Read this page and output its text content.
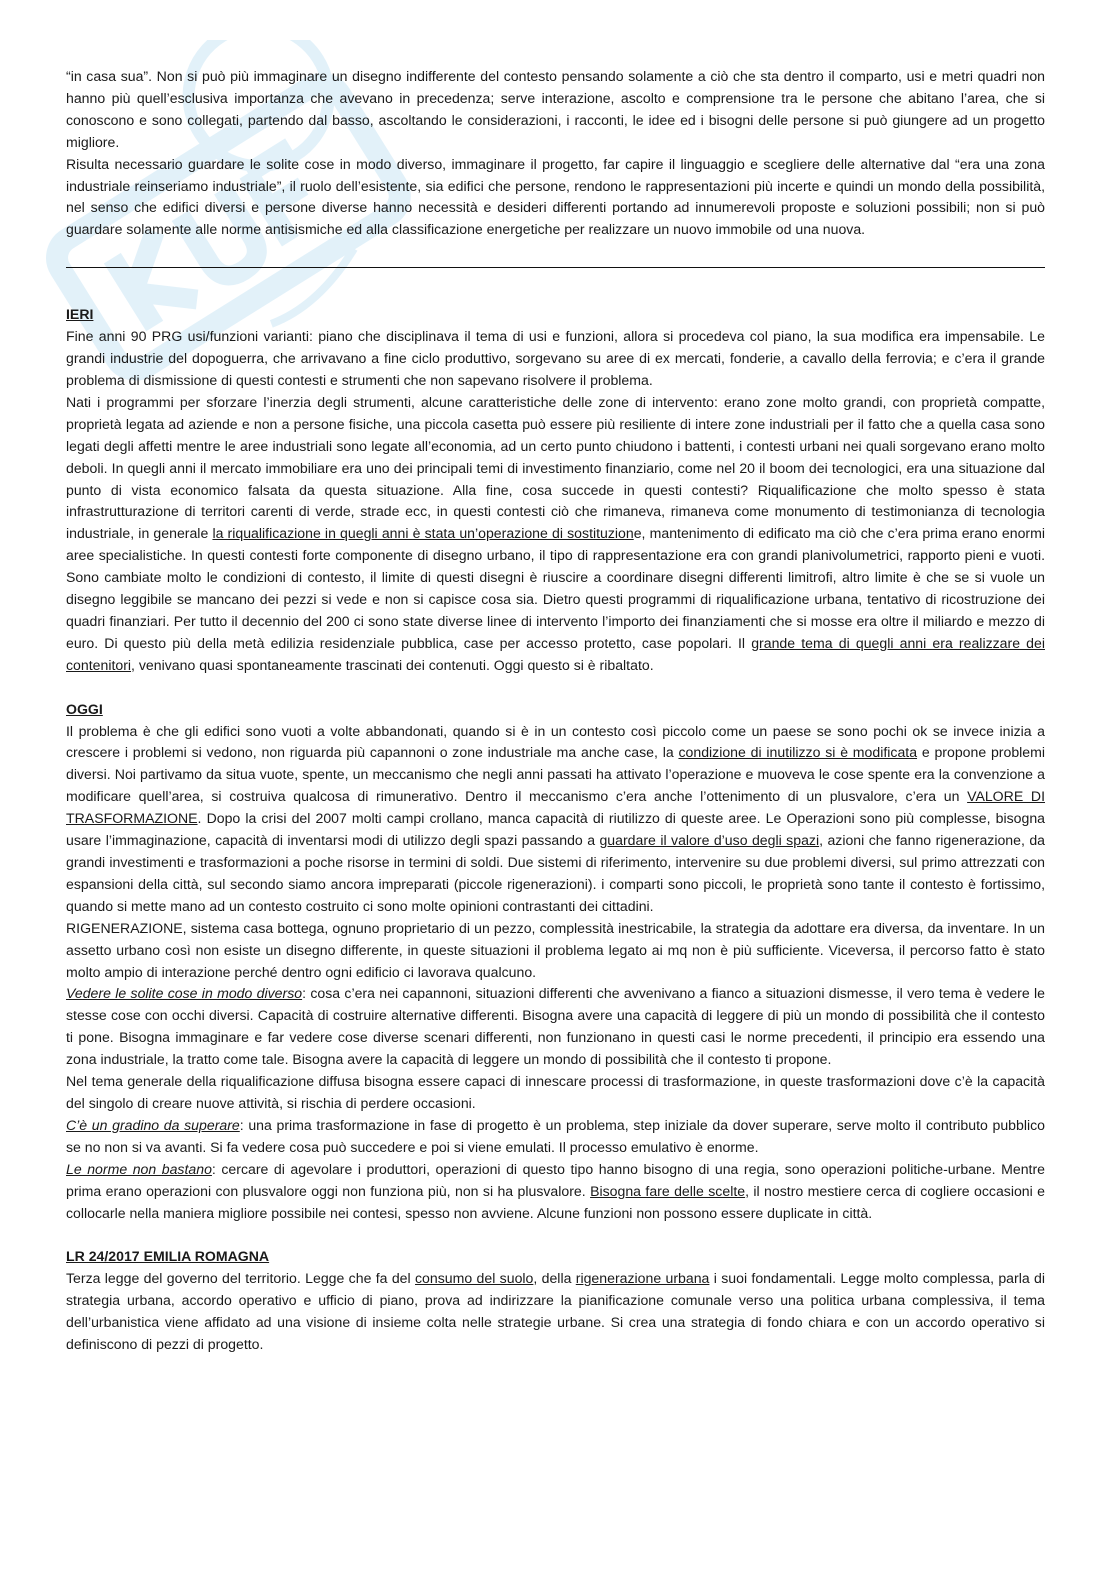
“in casa sua”. Non si può più immaginare un disegno indifferente del contesto pensando solamente a ciò che sta dentro il comparto, usi e metri quadri non hanno più quell’esclusiva importanza che avevano in precedenza; serve interazione, ascolto e comprensione tra le persone che abitano l’area, che si conoscono e sono collegati, partendo dal basso, ascoltando le considerazioni, i racconti, le idee ed i bisogni delle persone si può giungere ad un progetto migliore.

Risulta necessario guardare le solite cose in modo diverso, immaginare il progetto, far capire il linguaggio e scegliere delle alternative dal “era una zona industriale reinseriamo industriale”, il ruolo dell’esistente, sia edifici che persone, rendono le rappresentazioni più incerte e quindi un mondo della possibilità, nel senso che edifici diversi e persone diverse hanno necessità e desideri differenti portando ad innumerevoli proposte e soluzioni possibili; non si può guardare solamente alle norme antisismiche ed alla classificazione energetiche per realizzare un nuovo immobile od una nuova.

IERI

Fine anni 90 PRG usi/funzioni varianti: piano che disciplinava il tema di usi e funzioni, allora si procedeva col piano, la sua modifica era impensabile. Le grandi industrie del dopoguerra, che arrivavano a fine ciclo produttivo, sorgevano su aree di ex mercati, fonderie, a cavallo della ferrovia; e c’era il grande problema di dismissione di questi contesti e strumenti che non sapevano risolvere il problema.

Nati i programmi per sforzare l’inerzia degli strumenti, alcune caratteristiche delle zone di intervento: erano zone molto grandi, con proprietà compatte, proprietà legata ad aziende e non a persone fisiche, una piccola casetta può essere più resiliente di intere zone industriali per il fatto che a quella casa sono legati degli affetti mentre le aree industriali sono legate all’economia, ad un certo punto chiudono i battenti, i contesti urbani nei quali sorgevano erano molto deboli. In quegli anni il mercato immobiliare era uno dei principali temi di investimento finanziario, come nel 20 il boom dei tecnologici, era una situazione dal punto di vista economico falsata da questa situazione. Alla fine, cosa succede in questi contesti? Riqualificazione che molto spesso è stata infrastrutturazione di territori carenti di verde, strade ecc, in questi contesti ciò che rimaneva, rimaneva come monumento di testimonianza di tecnologia industriale, in generale la riqualificazione in quegli anni è stata un’operazione di sostituzione, mantenimento di edificato ma ciò che c’era prima erano enormi aree specialistiche. In questi contesti forte componente di disegno urbano, il tipo di rappresentazione era con grandi planivolumetrici, rapporto pieni e vuoti. Sono cambiate molto le condizioni di contesto, il limite di questi disegni è riuscire a coordinare disegni differenti limitrofi, altro limite è che se si vuole un disegno leggibile se mancano dei pezzi si vede e non si capisce cosa sia. Dietro questi programmi di riqualificazione urbana, tentativo di ricostruzione dei quadri finanziari. Per tutto il decennio del 200 ci sono state diverse linee di intervento l’importo dei finanziamenti che si mosse era oltre il miliardo e mezzo di euro. Di questo più della metà edilizia residenziale pubblica, case per accesso protetto, case popolari. Il grande tema di quegli anni era realizzare dei contenitori, venivano quasi spontaneamente trascinati dei contenuti. Oggi questo si è ribaltato.

OGGI

Il problema è che gli edifici sono vuoti a volte abbandonati, quando si è in un contesto così piccolo come un paese se sono pochi ok se invece inizia a crescere i problemi si vedono, non riguarda più capannoni o zone industriale ma anche case, la condizione di inutilizzo si è modificata e propone problemi diversi. Noi partivamo da situa vuote, spente, un meccanismo che negli anni passati ha attivato l’operazione e muoveva le cose spente era la convenzione a modificare quell’area, si costruiva qualcosa di rimunerativo. Dentro il meccanismo c’era anche l’ottenimento di un plusvalore, c’era un VALORE DI TRASFORMAZIONE. Dopo la crisi del 2007 molti campi crollano, manca capacità di riutilizzo di queste aree. Le Operazioni sono più complesse, bisogna usare l’immaginazione, capacità di inventarsi modi di utilizzo degli spazi passando a guardare il valore d’uso degli spazi, azioni che fanno rigenerazione, da grandi investimenti e trasformazioni a poche risorse in termini di soldi. Due sistemi di riferimento, intervenire su due problemi diversi, sul primo attrezzati con espansioni della città, sul secondo siamo ancora impreparati (piccole rigenerazioni). i comparti sono piccoli, le proprietà sono tante il contesto è fortissimo, quando si mette mano ad un contesto costruito ci sono molte opinioni contrastanti dei cittadini.

RIGENERAZIONE, sistema casa bottega, ognuno proprietario di un pezzo, complessità inestricabile, la strategia da adottare era diversa, da inventare. In un assetto urbano così non esiste un disegno differente, in queste situazioni il problema legato ai mq non è più sufficiente. Viceversa, il percorso fatto è stato molto ampio di interazione perché dentro ogni edificio ci lavorava qualcuno.

Vedere le solite cose in modo diverso: cosa c’era nei capannoni, situazioni differenti che avvenivano a fianco a situazioni dismesse, il vero tema è vedere le stesse cose con occhi diversi. Capacità di costruire alternative differenti. Bisogna avere una capacità di leggere di più un mondo di possibilità che il contesto ti pone. Bisogna immaginare e far vedere cose diverse scenari differenti, non funzionano in questi casi le norme precedenti, il principio era essendo una zona industriale, la tratto come tale. Bisogna avere la capacità di leggere un mondo di possibilità che il contesto ti propone.

Nel tema generale della riqualificazione diffusa bisogna essere capaci di innescare processi di trasformazione, in queste trasformazioni dove c’è la capacità del singolo di creare nuove attività, si rischia di perdere occasioni.

C’è un gradino da superare: una prima trasformazione in fase di progetto è un problema, step iniziale da dover superare, serve molto il contributo pubblico se no non si va avanti. Si fa vedere cosa può succedere e poi si viene emulati. Il processo emulativo è enorme.

Le norme non bastano: cercare di agevolare i produttori, operazioni di questo tipo hanno bisogno di una regia, sono operazioni politiche-urbane. Mentre prima erano operazioni con plusvalore oggi non funziona più, non si ha plusvalore. Bisogna fare delle scelte, il nostro mestiere cerca di cogliere occasioni e collocarle nella maniera migliore possibile nei contesi, spesso non avviene. Alcune funzioni non possono essere duplicate in città.

LR 24/2017 EMILIA ROMAGNA

Terza legge del governo del territorio. Legge che fa del consumo del suolo, della rigenerazione urbana i suoi fondamentali. Legge molto complessa, parla di strategia urbana, accordo operativo e ufficio di piano, prova ad indirizzare la pianificazione comunale verso una politica urbana complessiva, il tema dell’urbanistica viene affidato ad una visione di insieme colta nelle strategie urbane. Si crea una strategia di fondo chiara e con un accordo operativo si definiscono di pezzi di progetto.
